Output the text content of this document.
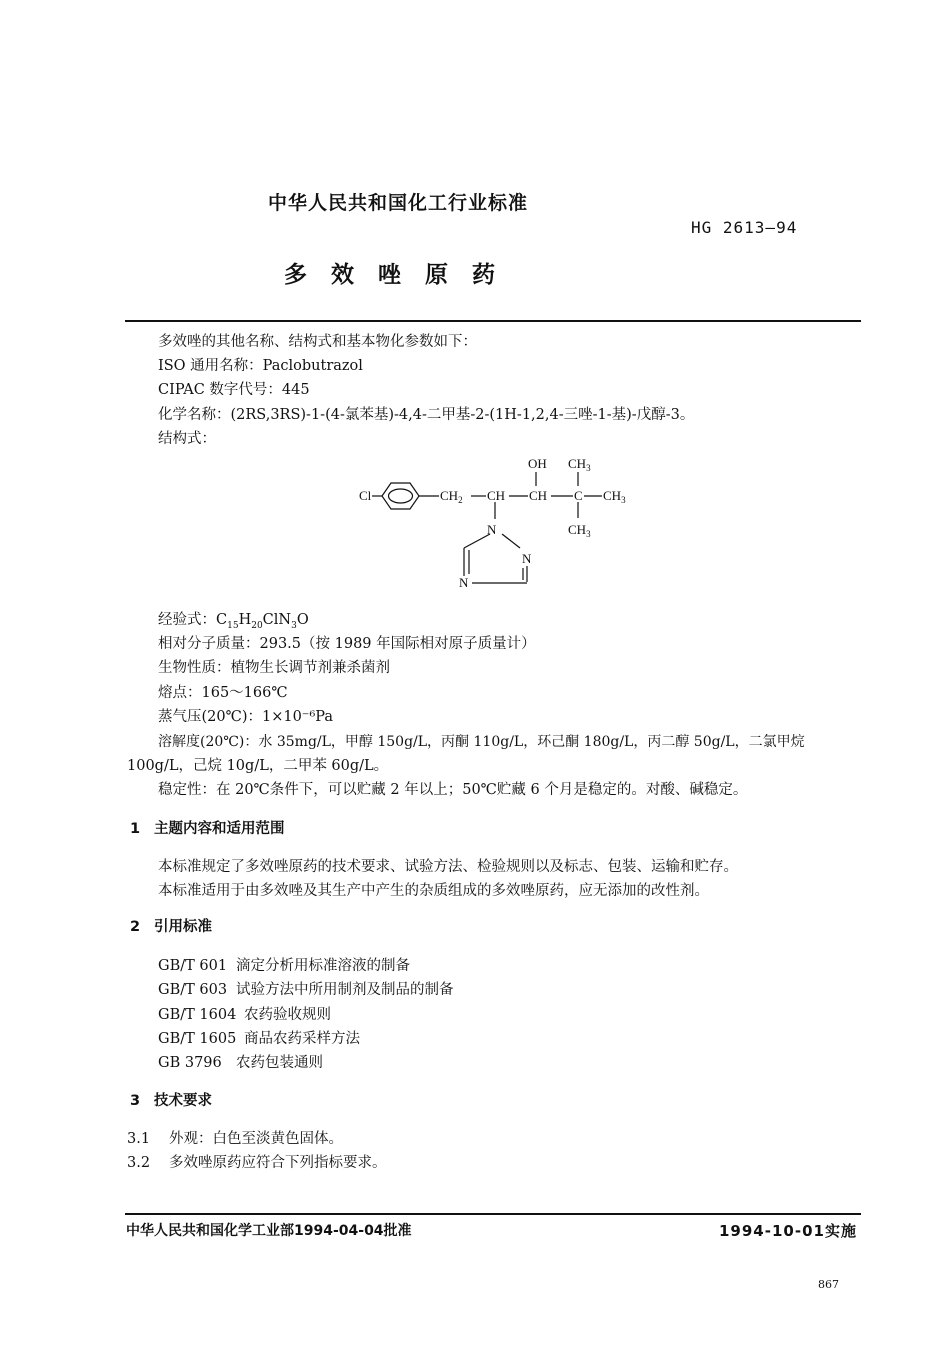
中华人民共和国化工行业标准
HG 2613—94
多 效 唑 原 药
多效唑的其他名称、结构式和基本物化参数如下：
ISO 通用名称：Paclobutrazol
CIPAC 数字代号：445
化学名称：(2RS,3RS)-1-(4-氯苯基)-4,4-二甲基-2-(1H-1,2,4-三唑-1-基)-戊醇-3。
结构式：
OH $CH_3$
Cl	$CH_2$ CH CH C $CH_3$
$CH_3$
N
N
N
经验式：$C_{15}H_{20}ClN_3O$
相对分子质量：293.5（按 1989 年国际相对原子质量计）
生物性质：植物生长调节剂兼杀菌剂
熔点：165～166℃
蒸气压(20℃)：1×10⁻⁶Pa
溶解度(20℃)：水 35mg/L，甲醇 150g/L，丙酮 110g/L，环己酮 180g/L，丙二醇 50g/L，二氯甲烷
100g/L，己烷 10g/L，二甲苯 60g/L。
稳定性：在 20℃条件下，可以贮藏 2 年以上；50℃贮藏 6 个月是稳定的。对酸、碱稳定。
1 主题内容和适用范围
本标准规定了多效唑原药的技术要求、试验方法、检验规则以及标志、包装、运输和贮存。
本标准适用于由多效唑及其生产中产生的杂质组成的多效唑原药，应无添加的改性剂。
2 引用标准
GB/T 601 滴定分析用标准溶液的制备
GB/T 603 试验方法中所用制剂及制品的制备
GB/T 1604 农药验收规则
GB/T 1605 商品农药采样方法
GB 3796 农药包装通则
3 技术要求
3.1 外观：白色至淡黄色固体。
3.2 多效唑原药应符合下列指标要求。
中华人民共和国化学工业部1994-04-04批准	1994-10-01实施
867
